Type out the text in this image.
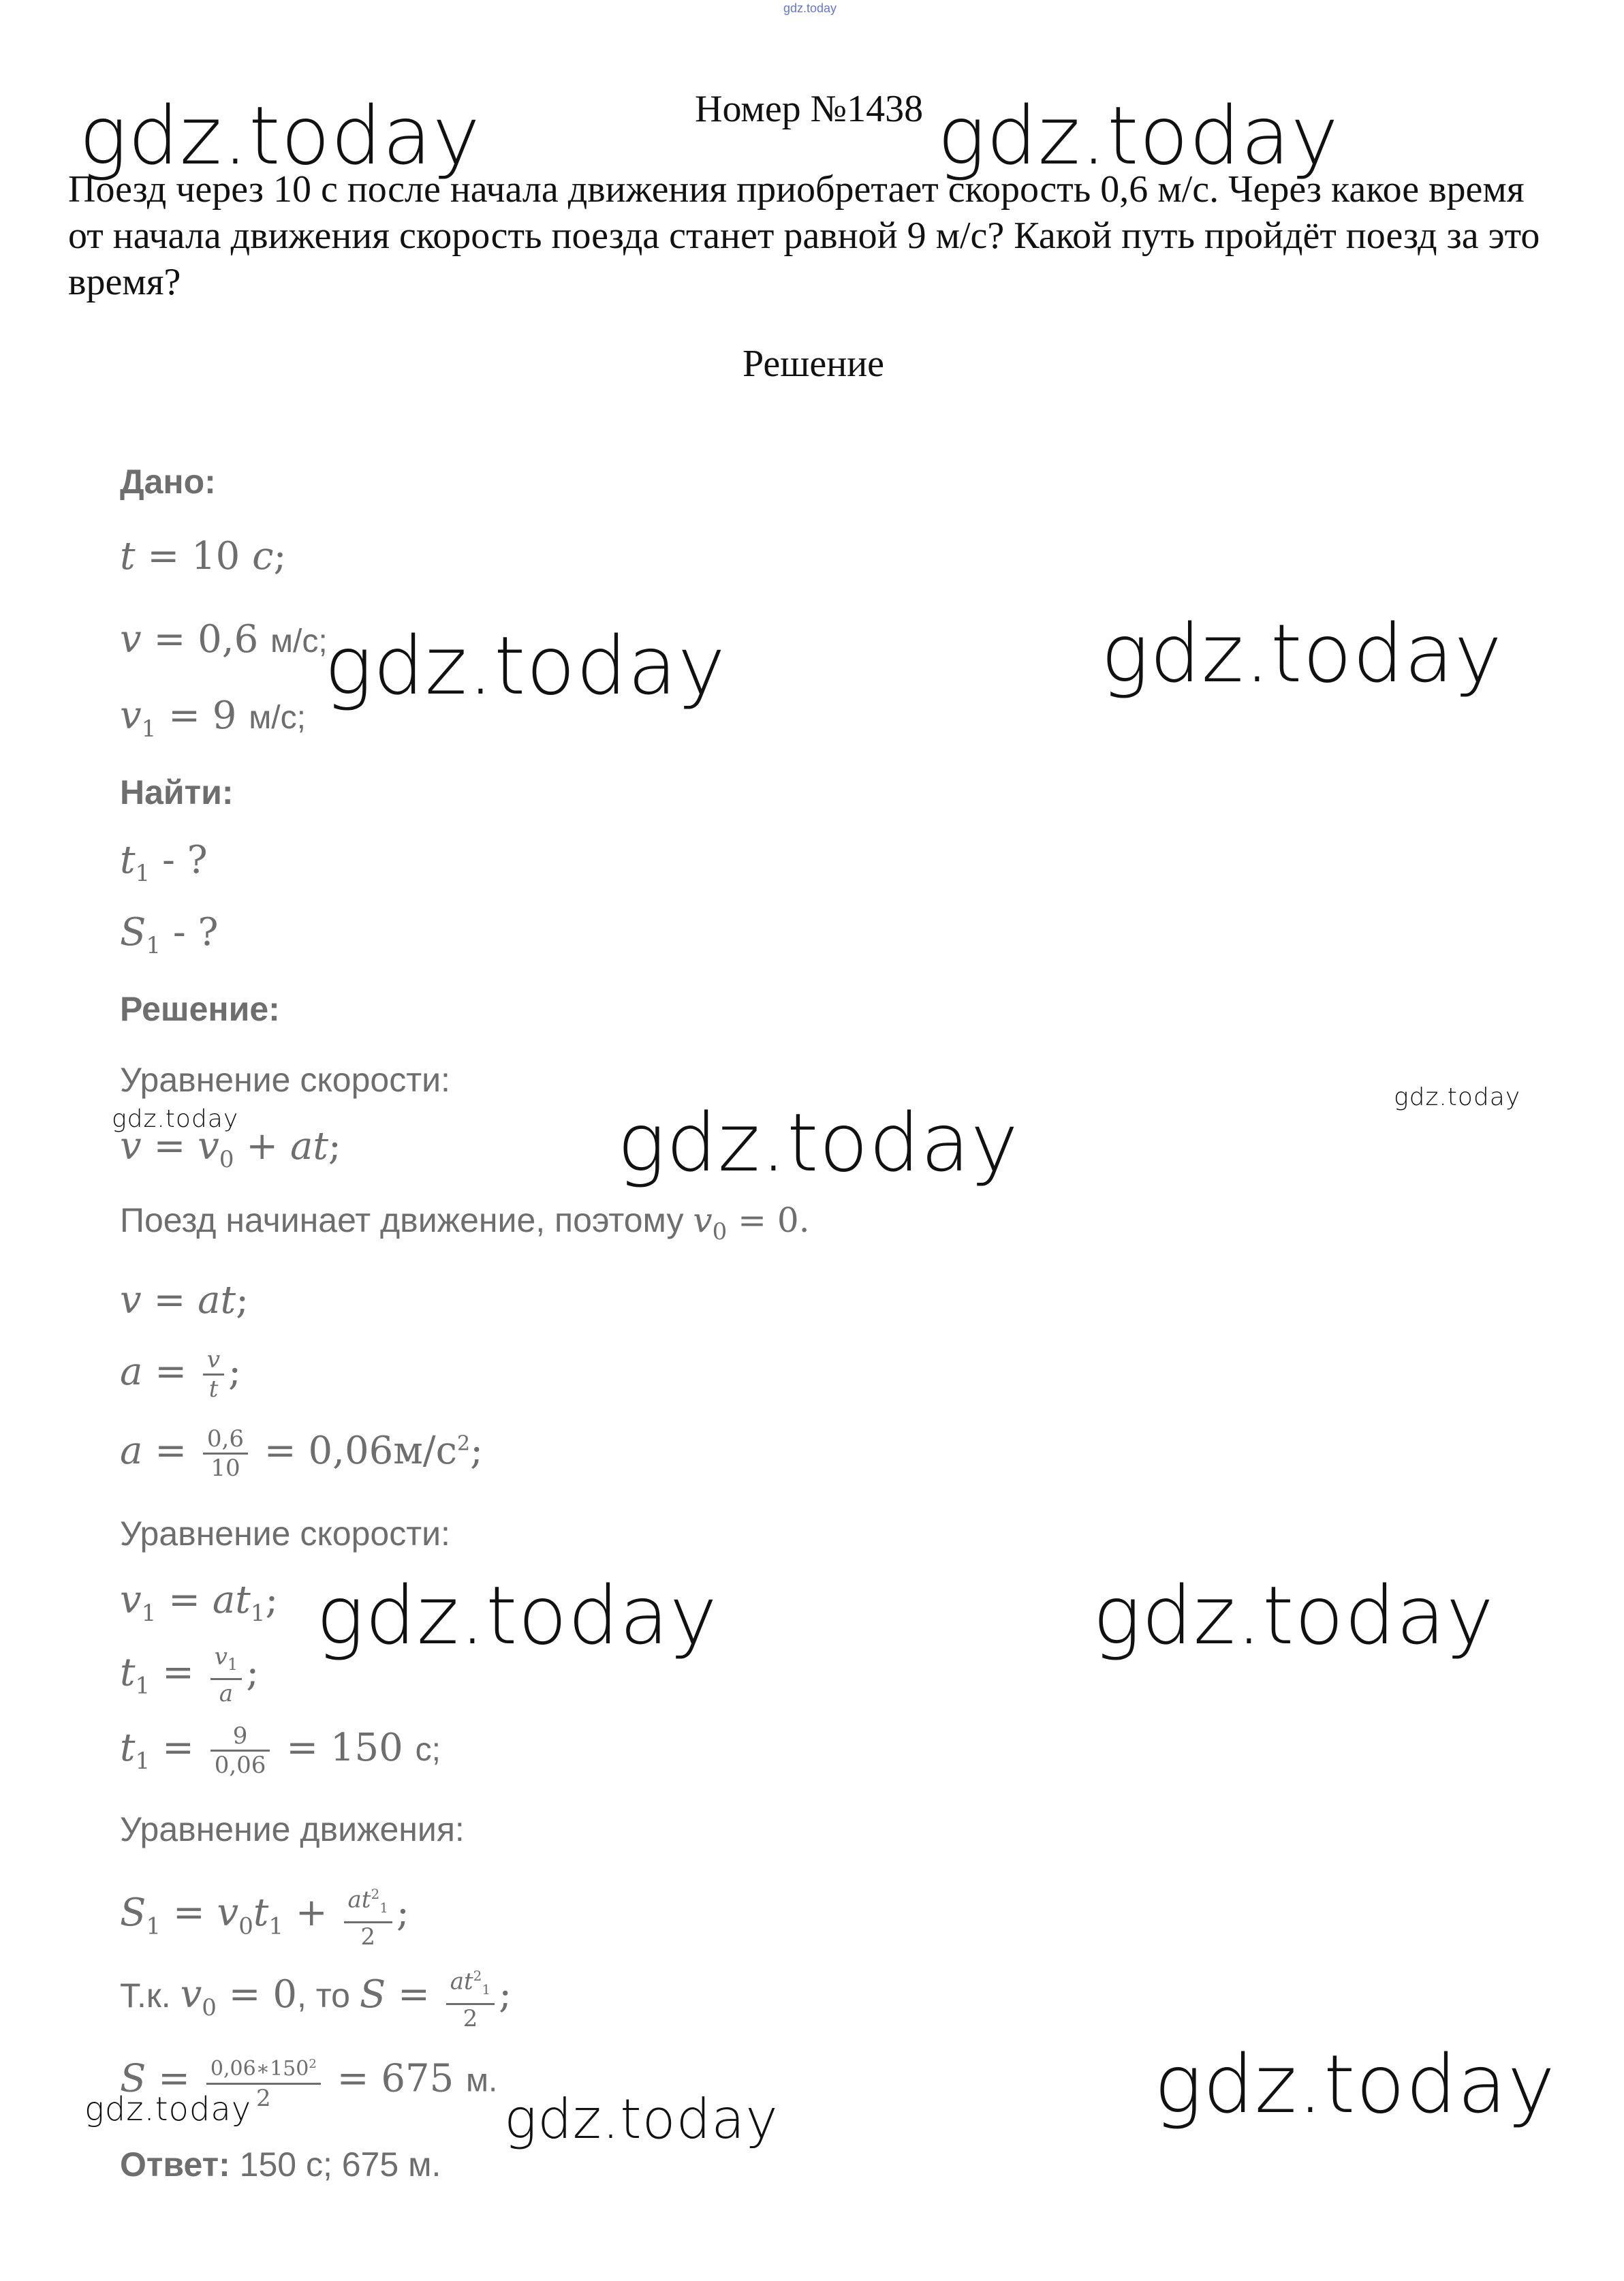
gdz.today
Номер №1438
Поезд через 10 с после начала движения приобретает скорость 0,6 м/с. Через какое время от начала движения скорость поезда станет равной 9 м/с? Какой путь пройдёт поезд за это время?
Решение
Дано:
t = 10 c;
v = 0,6 м/с;
$v_1 = 9$ м/с;
Найти:
$t_1$ - ?
$S_1$ - ?
Решение:
Уравнение скорости:
$v = v_0$ + at;
Поезд начинает движение, поэтому $v_0 = 0$.
v = at;
$a = \frac{v}{t}$ ;
$a = \frac{0,6}{10} = 0,06м/с^2$;
Уравнение скорости:
$v_1 = at_1$;
$t_1 = \frac{v_1}{a}$ ;
$t_1 = \frac{9}{0,06} = 150$ с;
Уравнение движения:
$S_1 = v_0t_1 + \frac{at^2_1}{2}$ ;
Т.к. $v_0 = 0$, то $S = \frac{at^2_1}{2}$ ;
$S = \frac{0,06∗150^2}{2} = 675$ м.
Ответ: 150 с; 675 м.
gdz.today	gdz.today
gdz.today	gdz.today
gdz.today	gdz.today
gdz.today
gdz.today	gdz.today
gdz.today
gdz.today	gdz.today
